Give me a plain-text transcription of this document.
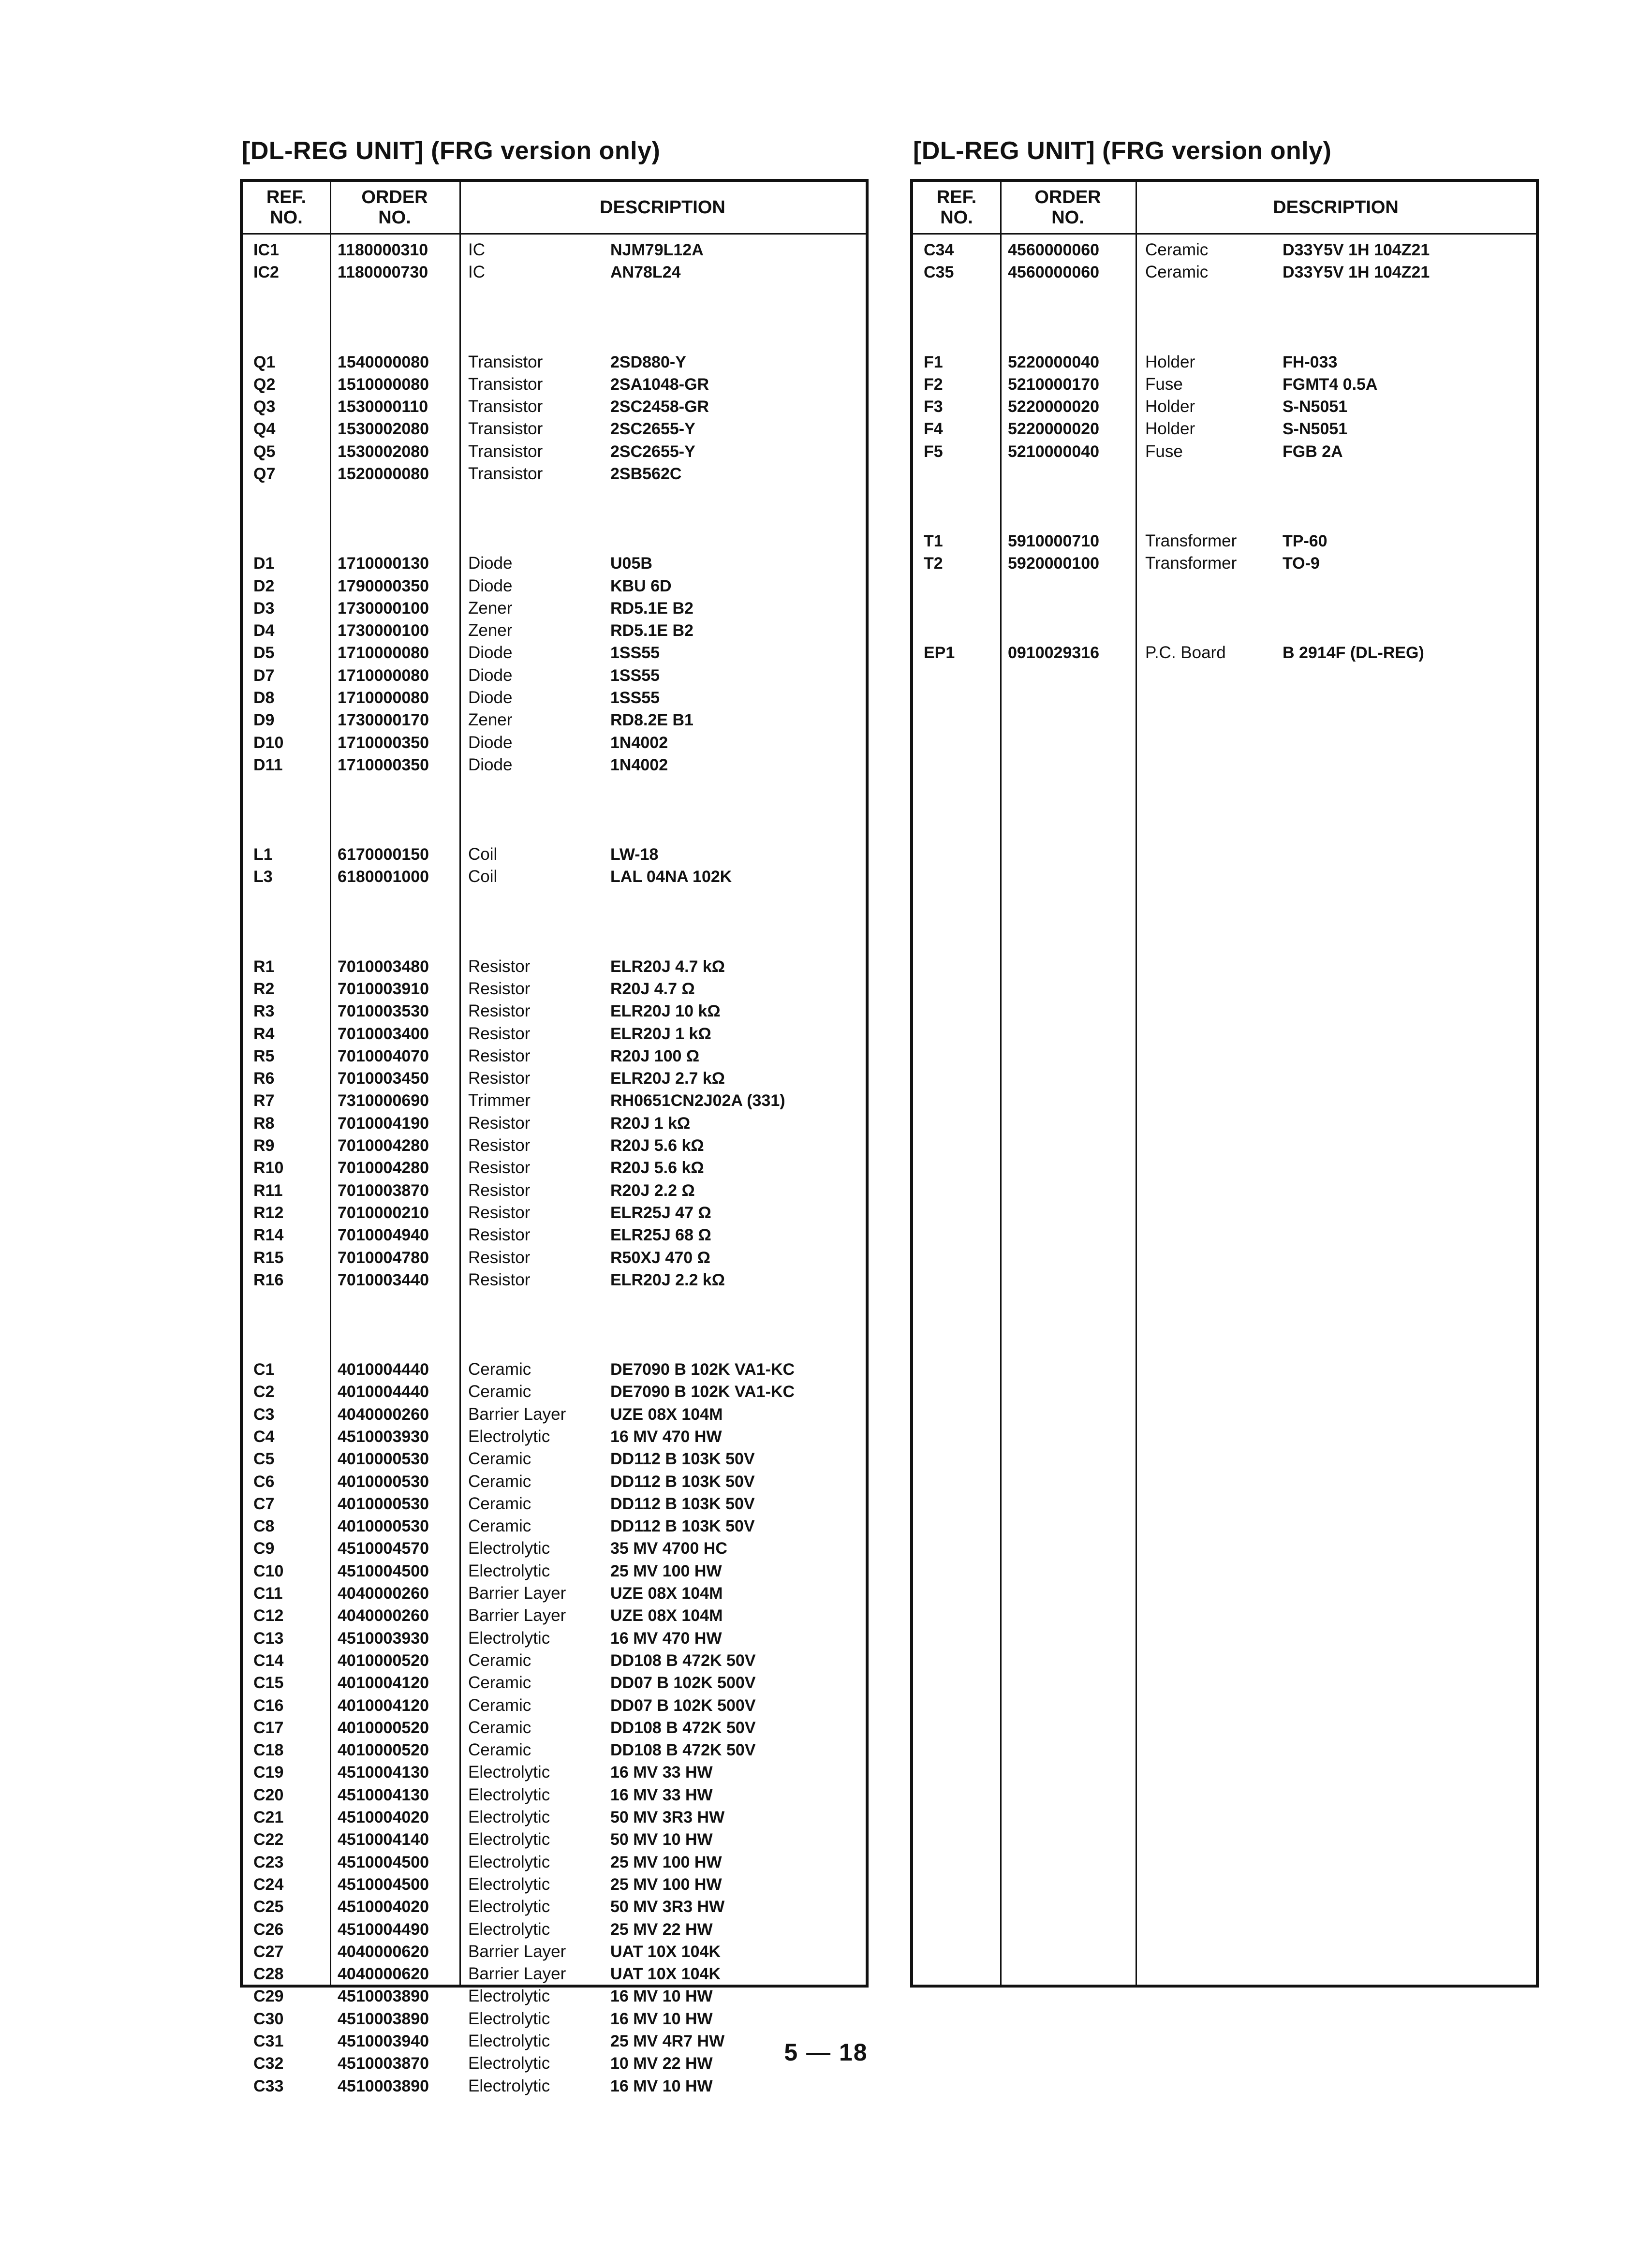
[DL-REG UNIT] (FRG version only)	[DL-REG UNIT] (FRG version only)
REF.
NO.
ORDER
NO.	DESCRIPTION
IC1	1180000310 IC	NJM79L12A
IC2	1180000730 IC	AN78L24
Q1	1540000080 Transistor	2SD880-Y
Q2	1510000080 Transistor	2SA1048-GR
Q3	1530000110 Transistor	2SC2458-GR
Q4	1530002080 Transistor	2SC2655-Y
Q5	1530002080 Transistor	2SC2655-Y
Q7	1520000080 Transistor	2SB562C
D1	1710000130 Diode	U05B
D2	1790000350 Diode	KBU 6D
D3	1730000100 Zener	RD5.1E B2
D4	1730000100 Zener	RD5.1E B2
D5	1710000080 Diode	1SS55
D7	1710000080 Diode	1SS55
D8	1710000080 Diode	1SS55
D9	1730000170 Zener	RD8.2E B1
D10	1710000350 Diode	1N4002
D11	1710000350 Diode	1N4002
L1	6170000150 Coil	LW-18
L3	6180001000 Coil	LAL 04NA 102K
R1	7010003480 Resistor	ELR20J 4.7 kΩ
R2	7010003910 Resistor	R20J 4.7 Ω
R3	7010003530 Resistor	ELR20J 10 kΩ
R4	7010003400 Resistor	ELR20J 1 kΩ
R5	7010004070 Resistor	R20J 100 Ω
R6	7010003450 Resistor	ELR20J 2.7 kΩ
R7	7310000690 Trimmer	RH0651CN2J02A (331)
R8	7010004190 Resistor	R20J 1 kΩ
R9	7010004280 Resistor	R20J 5.6 kΩ
R10	7010004280 Resistor	R20J 5.6 kΩ
R11	7010003870 Resistor	R20J 2.2 Ω
R12	7010000210 Resistor	ELR25J 47 Ω
R14	7010004940 Resistor	ELR25J 68 Ω
R15	7010004780 Resistor	R50XJ 470 Ω
R16	7010003440 Resistor	ELR20J 2.2 kΩ
C1	4010004440 Ceramic	DE7090 B 102K VA1-KC
C2	4010004440 Ceramic	DE7090 B 102K VA1-KC
C3	4040000260 Barrier Layer	UZE 08X 104M
C4	4510003930 Electrolytic	16 MV 470 HW
C5	4010000530 Ceramic	DD112 B 103K 50V
C6	4010000530 Ceramic	DD112 B 103K 50V
C7	4010000530 Ceramic	DD112 B 103K 50V
C8	4010000530 Ceramic	DD112 B 103K 50V
C9	4510004570 Electrolytic	35 MV 4700 HC
C10	4510004500 Electrolytic	25 MV 100 HW
C11	4040000260 Barrier Layer	UZE 08X 104M
C12	4040000260 Barrier Layer	UZE 08X 104M
C13	4510003930 Electrolytic	16 MV 470 HW
C14	4010000520 Ceramic	DD108 B 472K 50V
C15	4010004120 Ceramic	DD07 B 102K 500V
C16	4010004120 Ceramic	DD07 B 102K 500V
C17	4010000520 Ceramic	DD108 B 472K 50V
C18	4010000520 Ceramic	DD108 B 472K 50V
C19	4510004130 Electrolytic	16 MV 33 HW
C20	4510004130 Electrolytic	16 MV 33 HW
C21	4510004020 Electrolytic	50 MV 3R3 HW
C22	4510004140 Electrolytic	50 MV 10 HW
C23	4510004500 Electrolytic	25 MV 100 HW
C24	4510004500 Electrolytic	25 MV 100 HW
C25	4510004020 Electrolytic	50 MV 3R3 HW
C26	4510004490 Electrolytic	25 MV 22 HW
C27	4040000620 Barrier Layer	UAT 10X 104K
C28	4040000620 Barrier Layer	UAT 10X 104K
C29	4510003890 Electrolytic	16 MV 10 HW
C30	4510003890 Electrolytic	16 MV 10 HW
C31	4510003940 Electrolytic	25 MV 4R7 HW
C32	4510003870 Electrolytic	10 MV 22 HW
C33	4510003890 Electrolytic	16 MV 10 HW
REF.
NO.
ORDER
NO.	DESCRIPTION
C34	4560000060	Ceramic	D33Y5V 1H 104Z21
C35	4560000060	Ceramic	D33Y5V 1H 104Z21
F1	5220000040	Holder	FH-033
F2	5210000170	Fuse	FGMT4 0.5A
F3	5220000020	Holder	S-N5051
F4	5220000020	Holder	S-N5051
F5	5210000040	Fuse	FGB 2A
T1	5910000710	Transformer	TP-60
T2	5920000100	Transformer	TO-9
EP1	0910029316	P.C. Board	B 2914F (DL-REG)
5 — 18
